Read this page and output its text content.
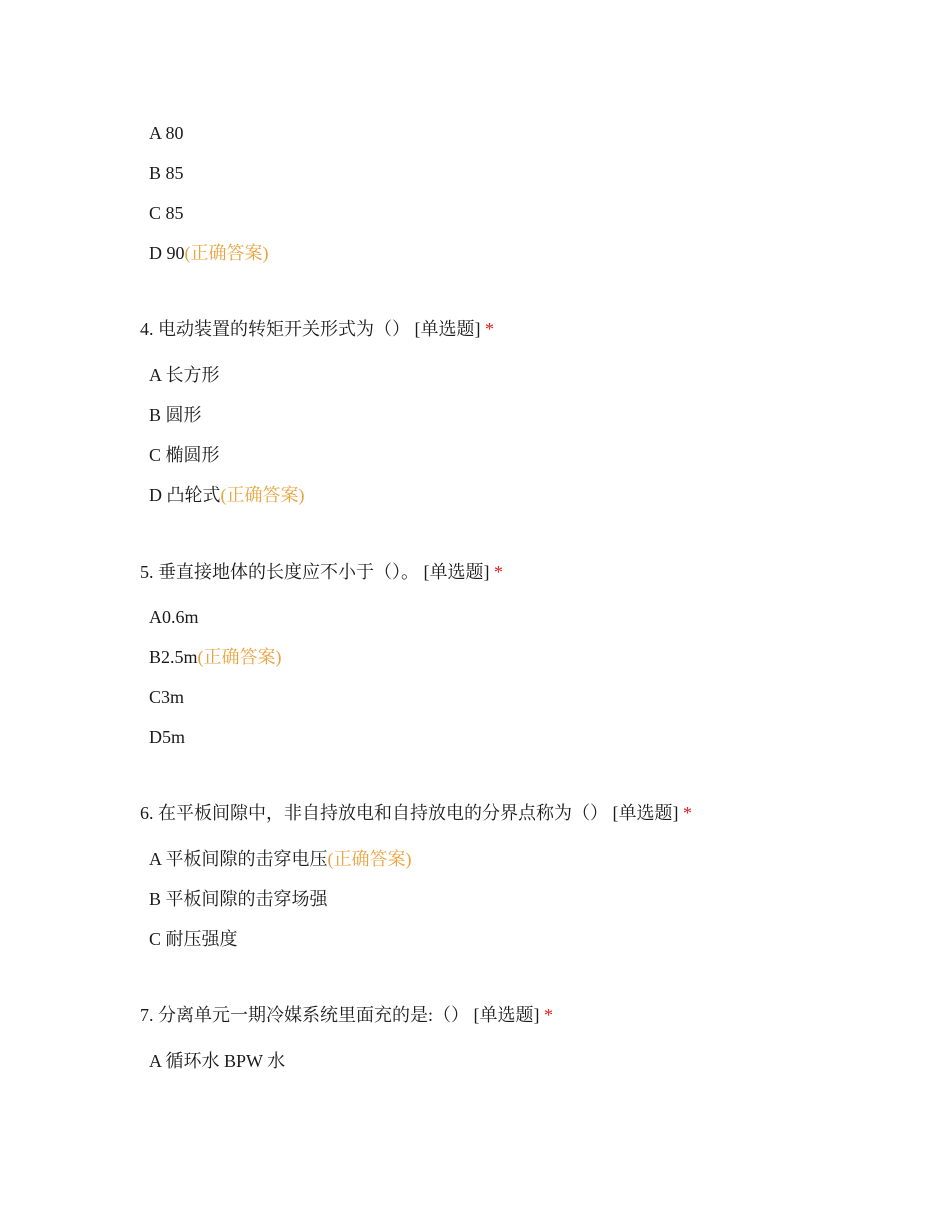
A 80
B 85
C 85
D 90(正确答案)
4. 电动装置的转矩开关形式为（） [单选题] *
A 长方形
B 圆形
C 椭圆形
D 凸轮式(正确答案)
5. 垂直接地体的长度应不小于（）。 [单选题] *
A0.6m
B2.5m(正确答案)
C3m
D5m
6. 在平板间隙中，非自持放电和自持放电的分界点称为（） [单选题] *
A 平板间隙的击穿电压(正确答案)
B 平板间隙的击穿场强
C 耐压强度
7. 分离单元一期冷媒系统里面充的是:（） [单选题] *
A 循环水 BPW 水
